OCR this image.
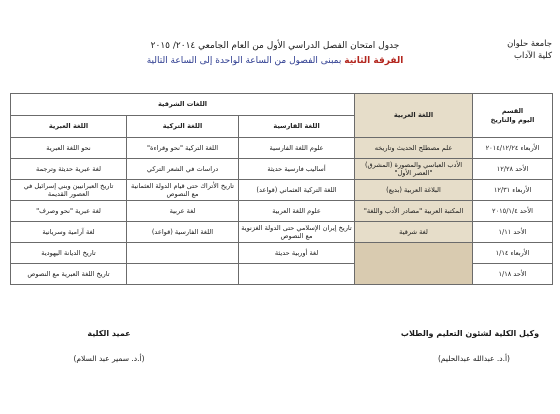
جامعة حلوان
كلية الآداب
جدول امتحان الفصل الدراسي الأول من العام الجامعي ٢٠١٤/ ٢٠١٥
الفرقة الثانية بمبنى الفصول من الساعة الواحدة إلى الساعة التالية
القسم
اليوم والتاريخ	اللغة العربية	اللغات الشرقية		
		اللغة الفارسية	اللغة التركية	اللغة العبرية
الأربعاء ٢٠١٤/١٢/٢٤	علم مصطلح الحديث وتاريخه	علوم اللغة الفارسية	اللغة التركية "نحو وقراءة"	نحو اللغة العبرية
الأحد ١٢/٢٨	الأدب العباسي والمصورة (المشرق) "العصر الأول"	أساليب فارسية حديثة	دراسات في الشعر التركي	لغة عبرية حديثة وترجمة
الأربعاء ١٢/٣١	البلاغة العربية (بديع)	اللغة التركية العثماني (قواعد)	تاريخ الأتراك حتى قيام الدولة العثمانية مع النصوص	تاريخ العبرانيين وبني إسرائيل في العصور القديمة
الأحد ٢٠١٥/١/٤	المكتبة العربية "مصادر الأدب واللغة"	علوم اللغة العربية	لغة عربية	لغة عبرية "نحو وصرف"
الأحد ١/١١	لغة شرقية	تاريخ إيران الإسلامي حتى الدولة الغزنوية مع النصوص	اللغة الفارسية (قواعد)	لغة آرامية وسريانية
الأربعاء ١/١٤		لغة أوربية حديثة		تاريخ الديانة اليهودية
الأحد ١/١٨				تاريخ اللغة العبرية مع النصوص
وكيل الكلية لشئون التعليم والطلاب
(أ.د. عبدالله عبدالحليم)
عميد الكلية
(أ.د. سمير عبد السلام)
